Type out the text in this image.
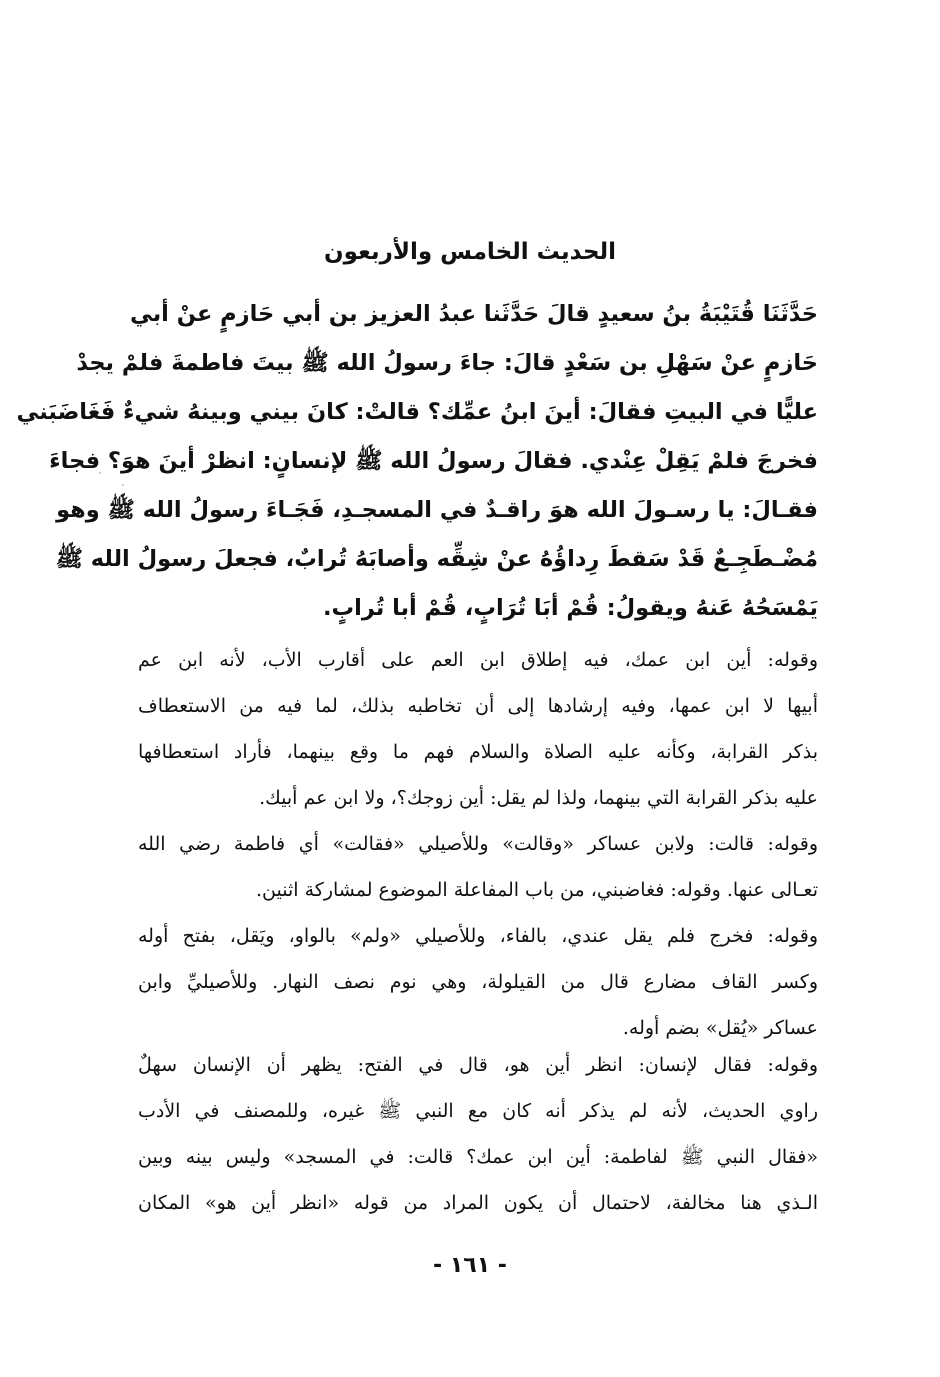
الحديث الخامس والأربعون
حَدَّثَنَا قُتَيْبَةُ بنُ سعيدٍ قالَ حَدَّثَنا عبدُ العزيز بن أبي حَازمٍ عنْ أبي
حَازمٍ عنْ سَهْلِ بن سَعْدٍ قالَ: جاءَ رسولُ الله ﷺ بيتَ فاطمةَ فلمْ يجدْ
عليًّا في البيتِ فقالَ: أينَ ابنُ عمِّك؟ قالتْ: كانَ بيني وبينهُ شيءٌ فَغَاضَبَني
فخرجَ فلمْ يَقِلْ عِنْدي. فقالَ رسولُ الله ﷺ لإنسانٍ: انظرْ أينَ هوَ؟ فجاءَ
فقـالَ: يا رسـولَ الله هوَ راقـدٌ في المسجـدِ، فَجَـاءَ رسولُ الله ﷺ وهو
مُضْـطَجِـعٌ قَدْ سَقطَ رِداؤُهُ عنْ شِقِّه وأصابَهُ تُرابٌ، فجعلَ رسولُ الله ﷺ
يَمْسَحُهُ عَنهُ ويقولُ: قُمْ أبَا تُرَابٍ، قُمْ أبا تُرابٍ.
وقوله: أين ابن عمك، فيه إطلاق ابن العم على أقارب الأب، لأنه ابن عم
أبيها لا ابن عمها، وفيه إرشادها إلى أن تخاطبه بذلك، لما فيه من الاستعطاف
بذكر القرابة، وكأنه عليه الصلاة والسلام فهم ما وقع بينهما، فأراد استعطافها
عليه بذكر القرابة التي بينهما، ولذا لم يقل: أين زوجك؟، ولا ابن عم أبيك.
وقوله: قالت: ولابن عساكر «وقالت» وللأصيلي «فقالت» أي فاطمة رضي الله
تعـالى عنها. وقوله: فغاضبني، من باب المفاعلة الموضوع لمشاركة اثنين.
وقوله: فخرج فلم يقل عندي، بالفاء، وللأصيلي «ولم» بالواو، ويَقل، بفتح أوله
وكسر القاف مضارع قال من القيلولة، وهي نوم نصف النهار. وللأصيليِّ وابن
عساكر «يُقل» بضم أوله.
وقوله: فقال لإنسان: انظر أين هو، قال في الفتح: يظهر أن الإنسان سهلٌ
راوي الحديث، لأنه لم يذكر أنه كان مع النبي ﷺ غيره، وللمصنف في الأدب
«فقال النبي ﷺ لفاطمة: أين ابن عمك؟ قالت: في المسجد» وليس بينه وبين
الـذي هنا مخالفة، لاحتمال أن يكون المراد من قوله «انظر أين هو» المكان
- ١٦١ -
